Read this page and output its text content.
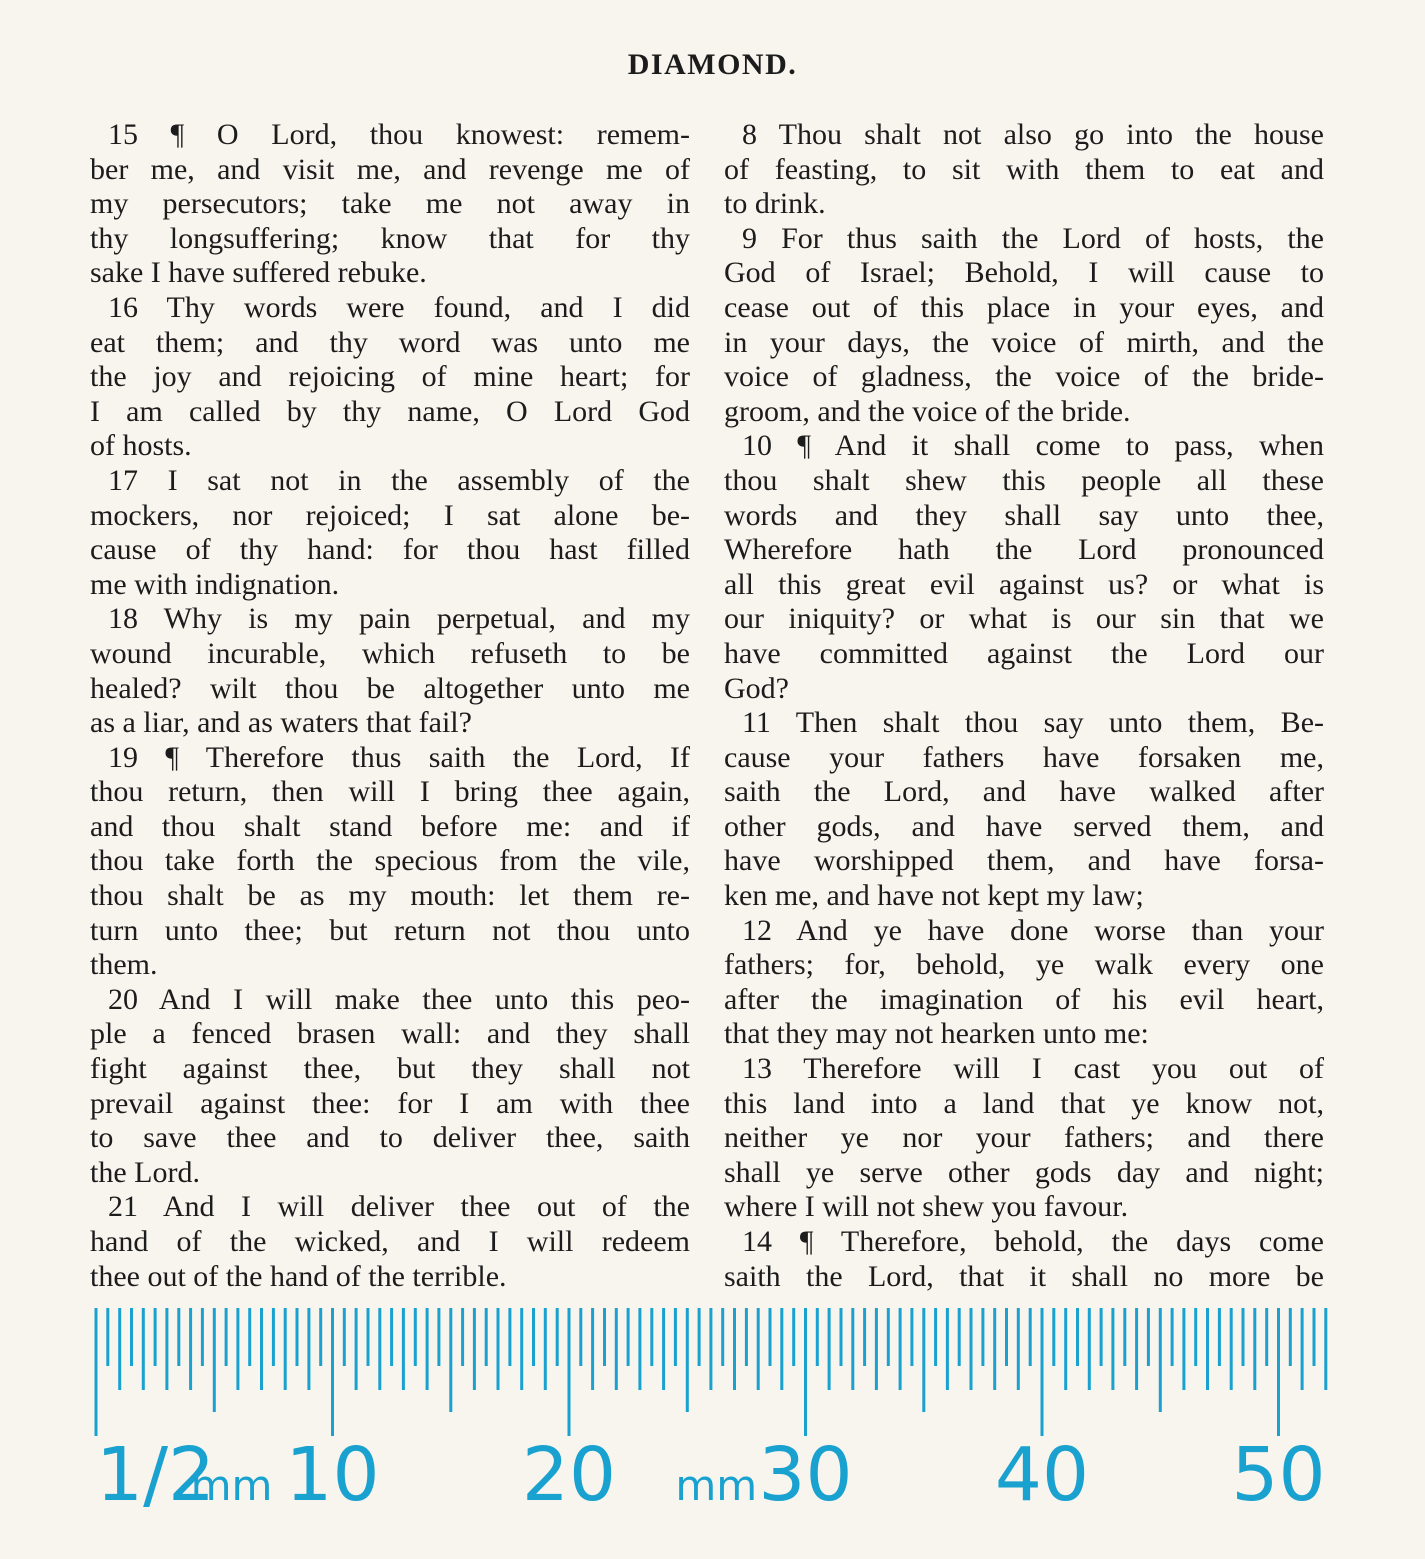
DIAMOND.
15 ¶ O Lord, thou knowest: remem-
ber me, and visit me, and revenge me of
my persecutors; take me not away in
thy longsuffering; know that for thy
sake I have suffered rebuke.
16 Thy words were found, and I did
eat them; and thy word was unto me
the joy and rejoicing of mine heart; for
I am called by thy name, O Lord God
of hosts.
17 I sat not in the assembly of the
mockers, nor rejoiced; I sat alone be-
cause of thy hand: for thou hast filled
me with indignation.
18 Why is my pain perpetual, and my
wound incurable, which refuseth to be
healed? wilt thou be altogether unto me
as a liar, and as waters that fail?
19 ¶ Therefore thus saith the Lord, If
thou return, then will I bring thee again,
and thou shalt stand before me: and if
thou take forth the specious from the vile,
thou shalt be as my mouth: let them re-
turn unto thee; but return not thou unto
them.
20 And I will make thee unto this peo-
ple a fenced brasen wall: and they shall
fight against thee, but they shall not
prevail against thee: for I am with thee
to save thee and to deliver thee, saith
the Lord.
21 And I will deliver thee out of the
hand of the wicked, and I will redeem
thee out of the hand of the terrible.
8 Thou shalt not also go into the house
of feasting, to sit with them to eat and
to drink.
9 For thus saith the Lord of hosts, the
God of Israel; Behold, I will cause to
cease out of this place in your eyes, and
in your days, the voice of mirth, and the
voice of gladness, the voice of the bride-
groom, and the voice of the bride.
10 ¶ And it shall come to pass, when
thou shalt shew this people all these
words and they shall say unto thee,
Wherefore hath the Lord pronounced
all this great evil against us? or what is
our iniquity? or what is our sin that we
have committed against the Lord our
God?
11 Then shalt thou say unto them, Be-
cause your fathers have forsaken me,
saith the Lord, and have walked after
other gods, and have served them, and
have worshipped them, and have forsa-
ken me, and have not kept my law;
12 And ye have done worse than your
fathers; for, behold, ye walk every one
after the imagination of his evil heart,
that they may not hearken unto me:
13 Therefore will I cast you out of
this land into a land that ye know not,
neither ye nor your fathers; and there
shall ye serve other gods day and night;
where I will not shew you favour.
14 ¶ Therefore, behold, the days come
saith the Lord, that it shall no more be
1/2
mm 10 20 mm 30 40 50
